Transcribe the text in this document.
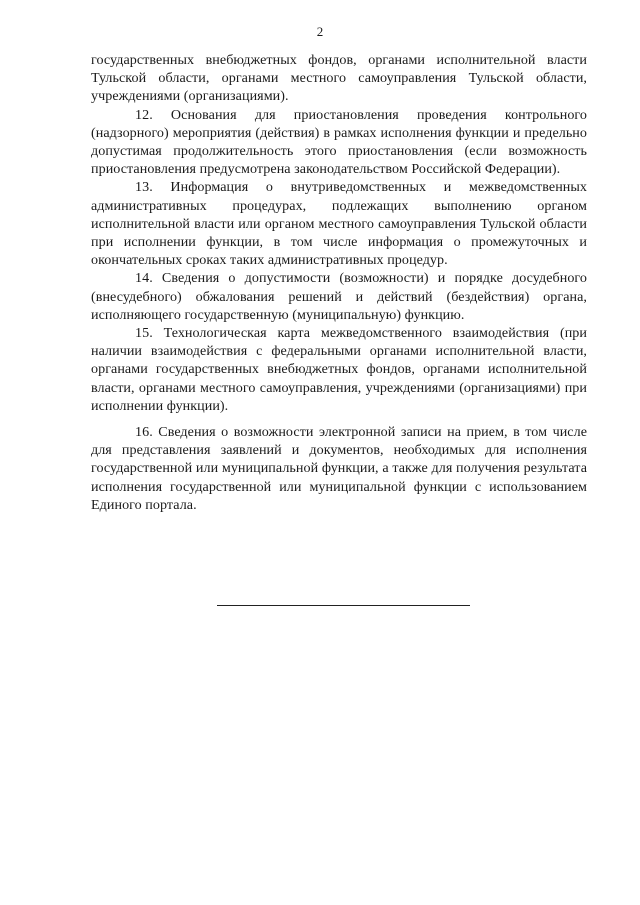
2

государственных внебюджетных фондов, органами исполнительной власти Тульской области, органами местного самоуправления Тульской области, учреждениями (организациями).

12. Основания для приостановления проведения контрольного (надзорного) мероприятия (действия) в рамках исполнения функции и предельно допустимая продолжительность этого приостановления (если возможность приостановления предусмотрена законодательством Российской Федерации).

13. Информация о внутриведомственных и межведомственных административных процедурах, подлежащих выполнению органом исполнительной власти или органом местного самоуправления Тульской области при исполнении функции, в том числе информация о промежуточных и окончательных сроках таких административных процедур.

14. Сведения о допустимости (возможности) и порядке досудебного (внесудебного) обжалования решений и действий (бездействия) органа, исполняющего государственную (муниципальную) функцию.

15. Технологическая карта межведомственного взаимодействия (при наличии взаимодействия с федеральными органами исполнительной власти, органами государственных внебюджетных фондов, органами исполнительной власти, органами местного самоуправления, учреждениями (организациями) при исполнении функции).

16. Сведения о возможности электронной записи на прием, в том числе для представления заявлений и документов, необходимых для исполнения государственной или муниципальной функции, а также для получения результата исполнения государственной или муниципальной функции с использованием Единого портала.
